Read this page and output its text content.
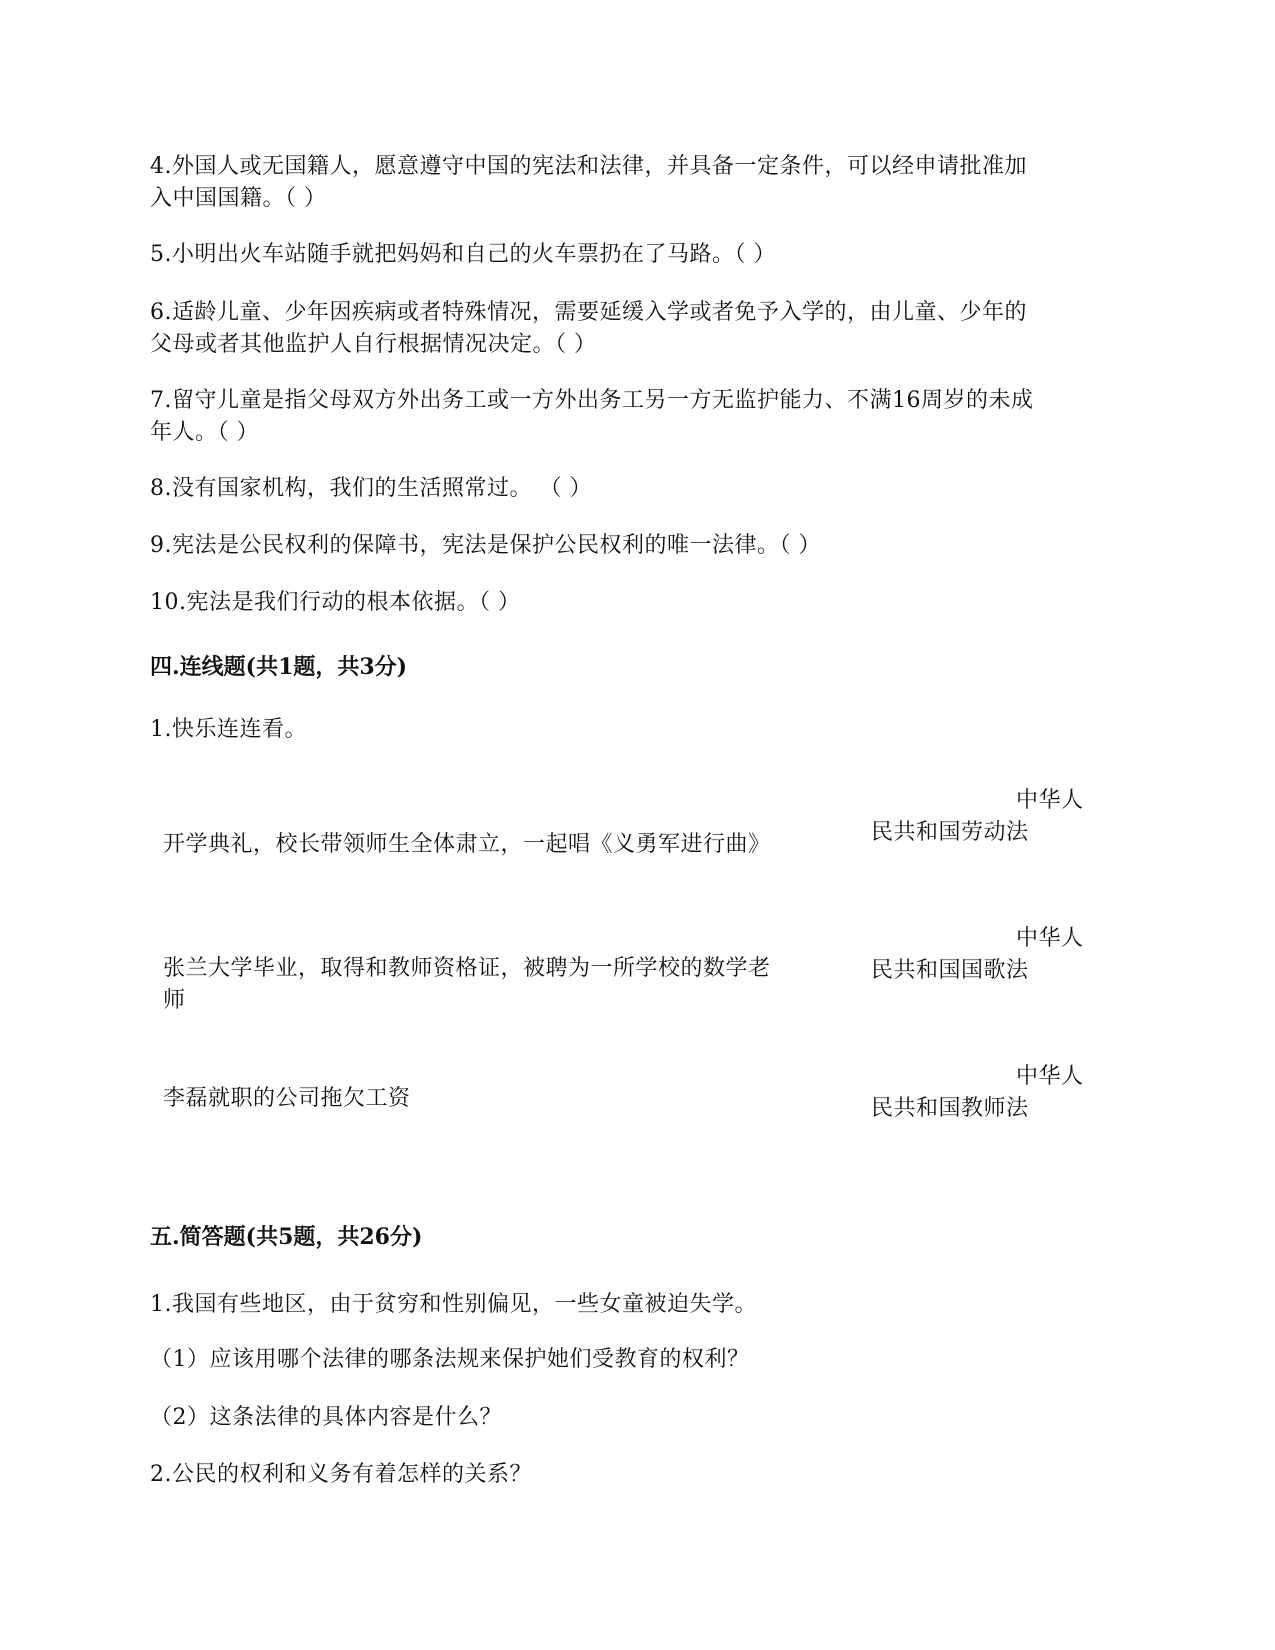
4.外国人或无国籍人，愿意遵守中国的宪法和法律，并具备一定条件，可以经申请批准加
入中国国籍。（ ）
5.小明出火车站随手就把妈妈和自己的火车票扔在了马路。（ ）
6.适龄儿童、少年因疾病或者特殊情况，需要延缓入学或者免予入学的，由儿童、少年的
父母或者其他监护人自行根据情况决定。（ ）
7.留守儿童是指父母双方外出务工或一方外出务工另一方无监护能力、不满16周岁的未成
年人。（ ）
8.没有国家机构，我们的生活照常过。 （ ）
9.宪法是公民权利的保障书，宪法是保护公民权利的唯一法律。（ ）
10.宪法是我们行动的根本依据。（ ）
四.连线题(共1题，共3分)
1.快乐连连看。
开学典礼，校长带领师生全体肃立，一起唱《义勇军进行曲》
中华人
民共和国劳动法
张兰大学毕业，取得和教师资格证，被聘为一所学校的数学老
师
中华人
民共和国国歌法
李磊就职的公司拖欠工资
中华人
民共和国教师法
五.简答题(共5题，共26分)
1.我国有些地区，由于贫穷和性别偏见，一些女童被迫失学。
（1）应该用哪个法律的哪条法规来保护她们受教育的权利？
（2）这条法律的具体内容是什么？
2.公民的权利和义务有着怎样的关系？
